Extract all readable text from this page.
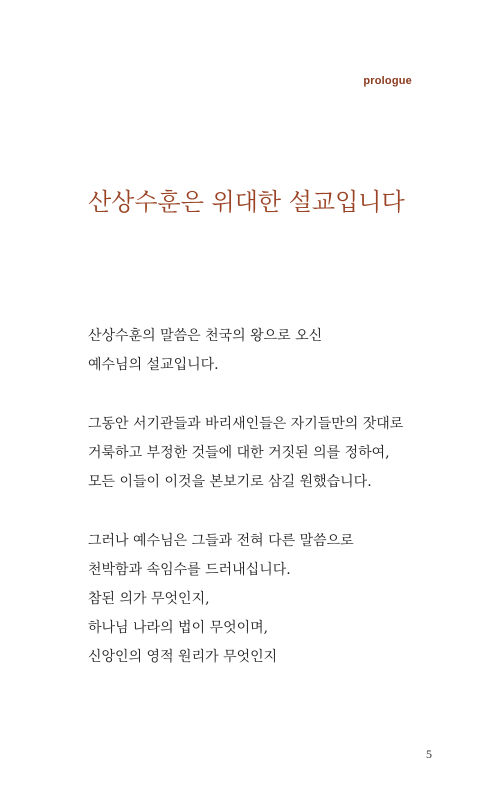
prologue
산상수훈은 위대한 설교입니다

산상수훈의 말씀은 천국의 왕으로 오신
예수님의 설교입니다.

그동안 서기관들과 바리새인들은 자기들만의 잣대로
거룩하고 부정한 것들에 대한 거짓된 의를 정하여,
모든 이들이 이것을 본보기로 삼길 원했습니다.

그러나 예수님은 그들과 전혀 다른 말씀으로
천박함과 속임수를 드러내십니다.
참된 의가 무엇인지,
하나님 나라의 법이 무엇이며,
신앙인의 영적 원리가 무엇인지

5
